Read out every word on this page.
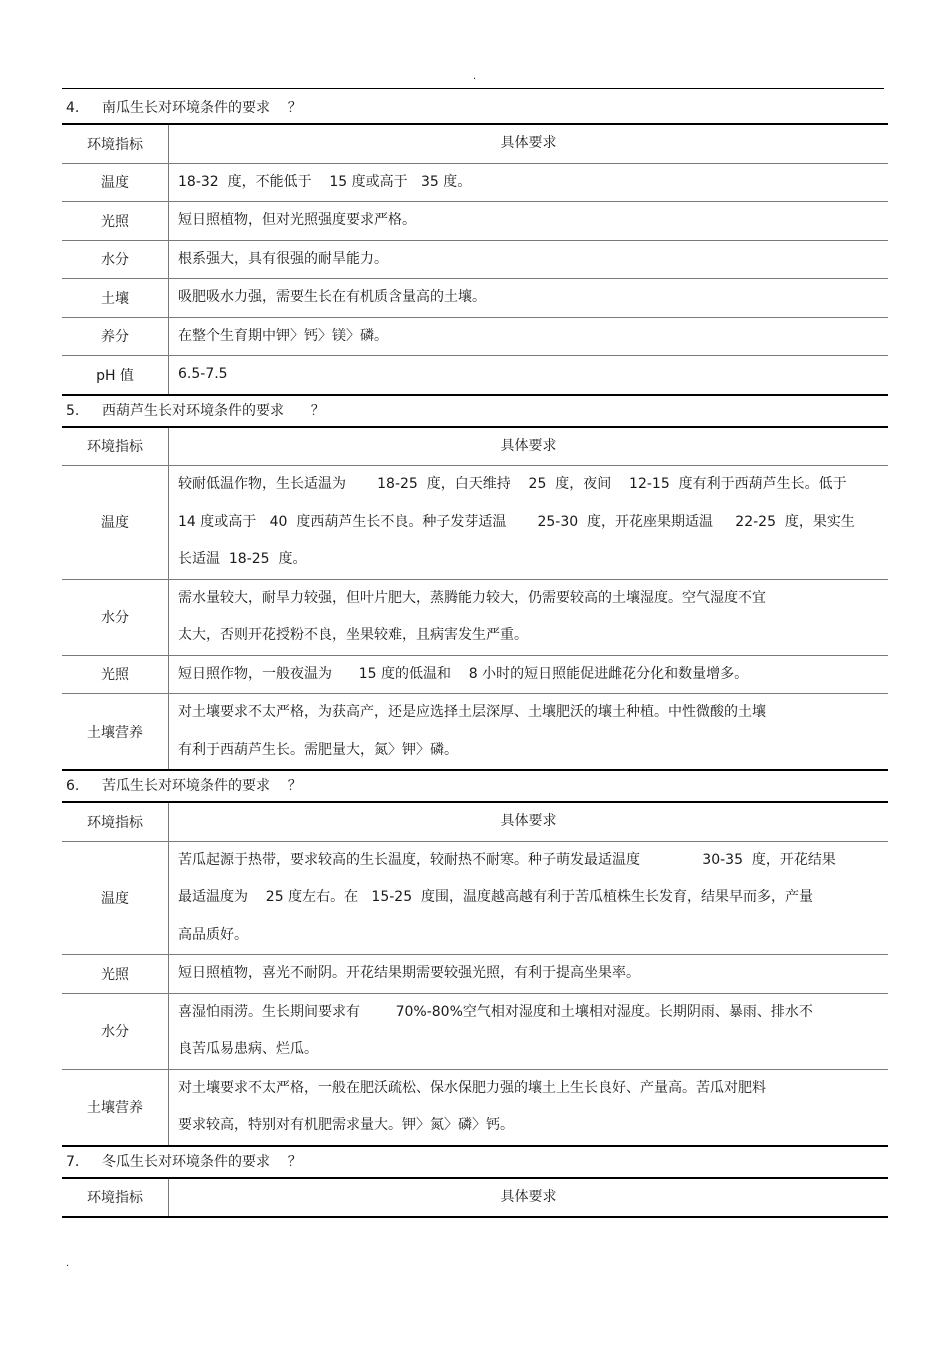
.
4. 南瓜生长对环境条件的要求    ？
环境指标	具体要求
温度	18-32  度，不能低于    15 度或高于   35 度。
光照	短日照植物，但对光照强度要求严格。
水分	根系强大，具有很强的耐旱能力。
土壤	吸肥吸水力强，需要生长在有机质含量高的土壤。
养分	在整个生育期中钾〉钙〉镁〉磷。
pH 值	6.5-7.5
5. 西葫芦生长对环境条件的要求      ？
环境指标	具体要求
温度	较耐低温作物，生长适温为       18-25  度，白天维持    25  度，夜间    12-15  度有利于西葫芦生长。低于
14 度或高于   40  度西葫芦生长不良。种子发芽适温       25-30  度，开花座果期适温     22-25  度，果实生
长适温  18-25  度。
水分	需水量较大，耐旱力较强，但叶片肥大，蒸腾能力较大，仍需要较高的土壤湿度。空气湿度不宜
太大，否则开花授粉不良，坐果较难，且病害发生严重。
光照	短日照作物，一般夜温为      15 度的低温和    8 小时的短日照能促进雌花分化和数量增多。
土壤营养	对土壤要求不太严格，为获高产，还是应选择土层深厚、土壤肥沃的壤土种植。中性微酸的土壤
有利于西葫芦生长。需肥量大，氮〉钾〉磷。
6. 苦瓜生长对环境条件的要求    ？
环境指标	具体要求
温度	苦瓜起源于热带，要求较高的生长温度，较耐热不耐寒。种子萌发最适温度              30-35  度，开花结果
最适温度为    25 度左右。在   15-25  度围，温度越高越有利于苦瓜植株生长发育，结果早而多，产量
高品质好。
光照	短日照植物，喜光不耐阴。开花结果期需要较强光照，有利于提高坐果率。
水分	喜湿怕雨涝。生长期间要求有        70%-80%空气相对湿度和土壤相对湿度。长期阴雨、暴雨、排水不
良苦瓜易患病、烂瓜。
土壤营养	对土壤要求不太严格，一般在肥沃疏松、保水保肥力强的壤土上生长良好、产量高。苦瓜对肥料
要求较高，特别对有机肥需求量大。钾〉氮〉磷〉钙。
7. 冬瓜生长对环境条件的要求    ？
环境指标	具体要求
.
